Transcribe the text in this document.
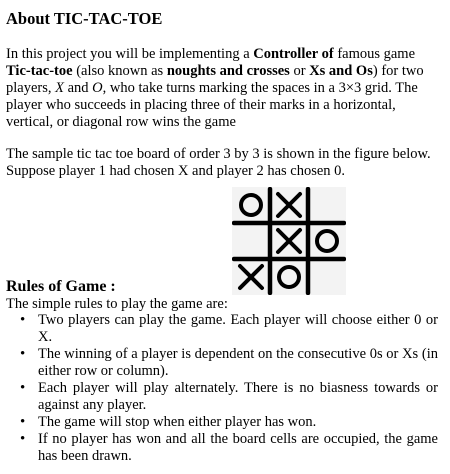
About TIC-TAC-TOE

In this project you will be implementing a Controller of famous game Tic-tac-toe (also known as noughts and crosses or Xs and Os) for two players, X and O, who take turns marking the spaces in a 3×3 grid. The player who succeeds in placing three of their marks in a horizontal, vertical, or diagonal row wins the game

The sample tic tac toe board of order 3 by 3 is shown in the figure below. Suppose player 1 had chosen X and player 2 has chosen 0.

Rules of Game :

The simple rules to play the game are:

• Two players can play the game. Each player will choose either 0 or X.
• The winning of a player is dependent on the consecutive 0s or Xs (in either row or column).
• Each player will play alternately. There is no biasness towards or against any player.
• The game will stop when either player has won.
• If no player has won and all the board cells are occupied, the game has been drawn.
